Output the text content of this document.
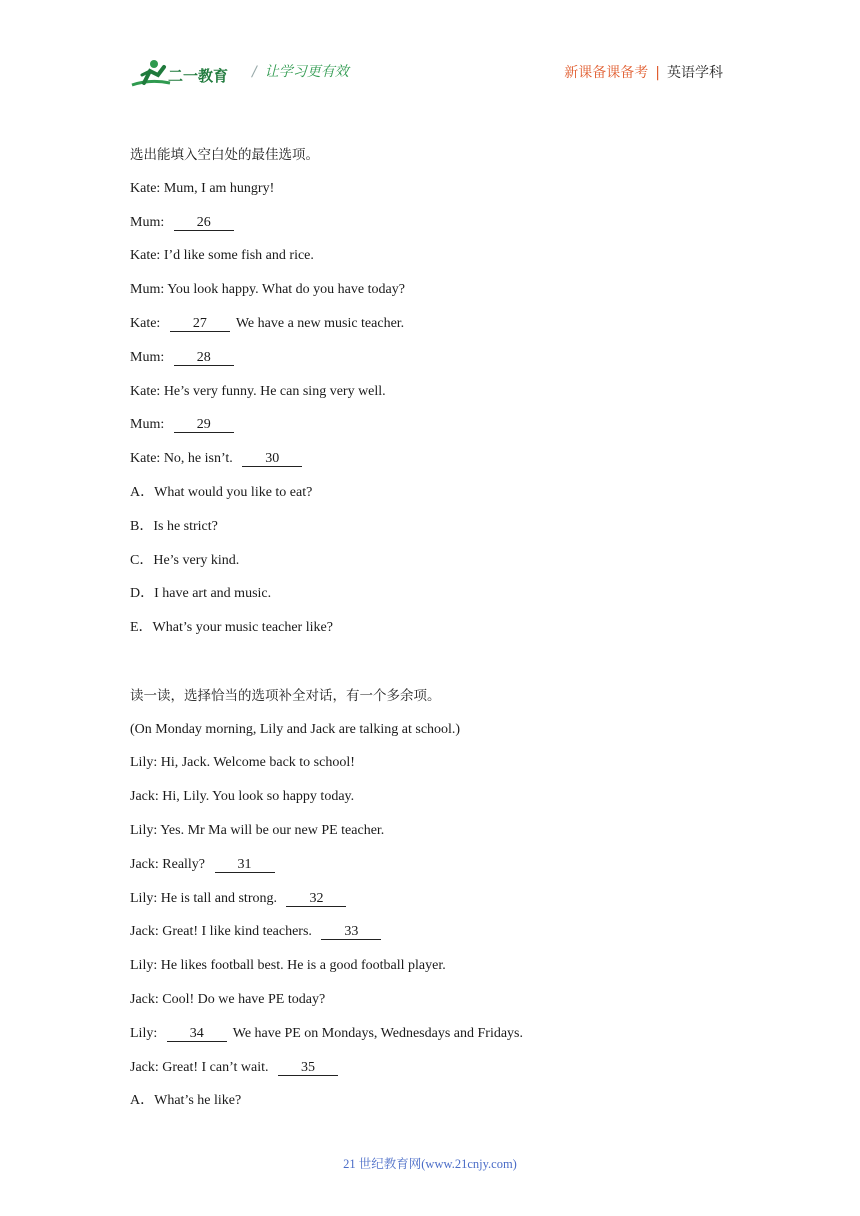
二一教育 / 让学习更有效	新课备课备考 | 英语学科
选出能填入空白处的最佳选项。
Kate: Mum, I am hungry!
Mum: 26
Kate: I’d like some fish and rice.
Mum: You look happy. What do you have today?
Kate: 27 We have a new music teacher.
Mum: 28
Kate: He’s very funny. He can sing very well.
Mum: 29
Kate: No, he isn’t. 30
A．What would you like to eat?
B．Is he strict?
C．He’s very kind.
D．I have art and music.
E．What’s your music teacher like?
读一读，选择恰当的选项补全对话，有一个多余项。
(On Monday morning, Lily and Jack are talking at school.)
Lily: Hi, Jack. Welcome back to school!
Jack: Hi, Lily. You look so happy today.
Lily: Yes. Mr Ma will be our new PE teacher.
Jack: Really? 31
Lily: He is tall and strong. 32
Jack: Great! I like kind teachers. 33
Lily: He likes football best. He is a good football player.
Jack: Cool! Do we have PE today?
Lily: 34 We have PE on Mondays, Wednesdays and Fridays.
Jack: Great! I can’t wait. 35
A．What’s he like?
21 世纪教育网(www.21cnjy.com)
